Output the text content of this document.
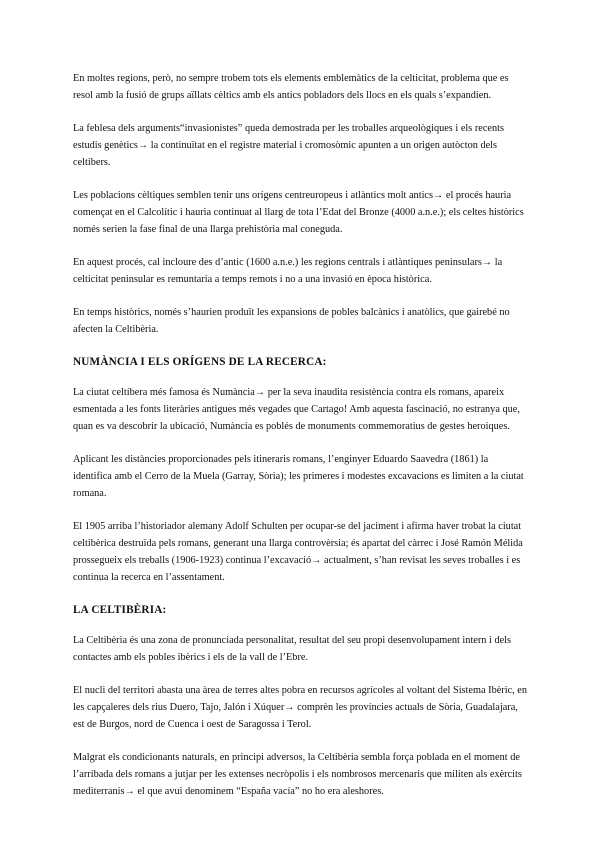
En moltes regions, però, no sempre trobem tots els elements emblemàtics de la celticitat, problema que es resol amb la fusió de grups aïllats cèltics amb els antics pobladors dels llocs en els quals s’expandien.

La feblesa dels arguments“invasionistes” queda demostrada per les troballes arqueològiques i els recents estudis genètics→ la continuïtat en el registre material i cromosòmic apunten a un origen autòcton dels celtibers.

Les poblacions cèltiques semblen tenir uns orígens centreuropeus i atlàntics molt antics→ el procés hauria començat en el Calcolític i hauria continuat al llarg de tota l’Edat del Bronze (4000 a.n.e.); els celtes històrics només serien la fase final de una llarga prehistòria mal coneguda.

En aquest procés, cal incloure des d’antic (1600 a.n.e.) les regions centrals i atlàntiques peninsulars→ la celticitat peninsular es remuntaria a temps remots i no a una invasió en època històrica.

En temps històrics, només s’haurien produït les expansions de pobles balcànics i anatòlics, que gairebé no afecten la Celtibèria.

NUMÀNCIA I ELS ORÍGENS DE LA RECERCA:

La ciutat celtíbera més famosa és Numància→ per la seva inaudita resistència contra els romans, apareix esmentada a les fonts literàries antigues més vegades que Cartago! Amb aquesta fascinació, no estranya que, quan es va descobrir la ubicació, Numància es poblés de monuments commemoratius de gestes heroiques.

Aplicant les distàncies proporcionades pels itineraris romans, l’enginyer Eduardo Saavedra (1861) la identifica amb el Cerro de la Muela (Garray, Sòria); les primeres i modestes excavacions es limiten a la ciutat romana.

El 1905 arriba l’historiador alemany Adolf Schulten per ocupar-se del jaciment i afirma haver trobat la ciutat celtibèrica destruïda pels romans, generant una llarga controvèrsia; és apartat del càrrec i José Ramón Mélida prossegueix els treballs (1906-1923) continua l’excavació→ actualment, s’han revisat les seves troballes i es continua la recerca en l’assentament.

LA CELTIBÈRIA:

La Celtibèria és una zona de pronunciada personalitat, resultat del seu propi desenvolupament intern i dels contactes amb els pobles ibèrics i els de la vall de l’Ebre.

El nucli del territori abasta una àrea de terres altes pobra en recursos agrícoles al voltant del Sistema Ibèric, en les capçaleres dels rius Duero, Tajo, Jalón i Xúquer→ comprèn les províncies actuals de Sòria, Guadalajara, est de Burgos, nord de Cuenca i oest de Saragossa i Terol.

Malgrat els condicionants naturals, en principi adversos, la Celtibèria sembla força poblada en el moment de l’arribada dels romans a jutjar per les extenses necròpolis i els nombrosos mercenaris que militen als exèrcits mediterranis→ el que avui denominem “España vacía” no ho era aleshores.
